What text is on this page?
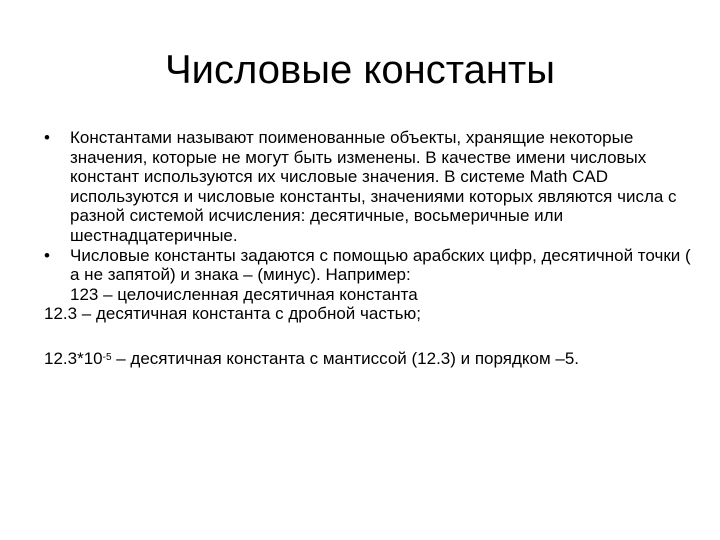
Числовые константы
•	Константами называют поименованные объекты, хранящие некоторые значения, которые не могут быть изменены. В качестве имени числовых констант используются их числовые значения. В системе Math CAD используются и числовые константы, значениями которых являются числа с разной системой исчисления: десятичные, восьмеричные или шестнадцатеричные.
•	Числовые константы задаются с помощью арабских цифр, десятичной точки ( а не запятой) и знака – (минус). Например:
123 – целочисленная десятичная константа
12.3 – десятичная константа с дробной частью;
$12.3*10^{-5}$ – десятичная константа с мантиссой (12.3) и порядком –5.
